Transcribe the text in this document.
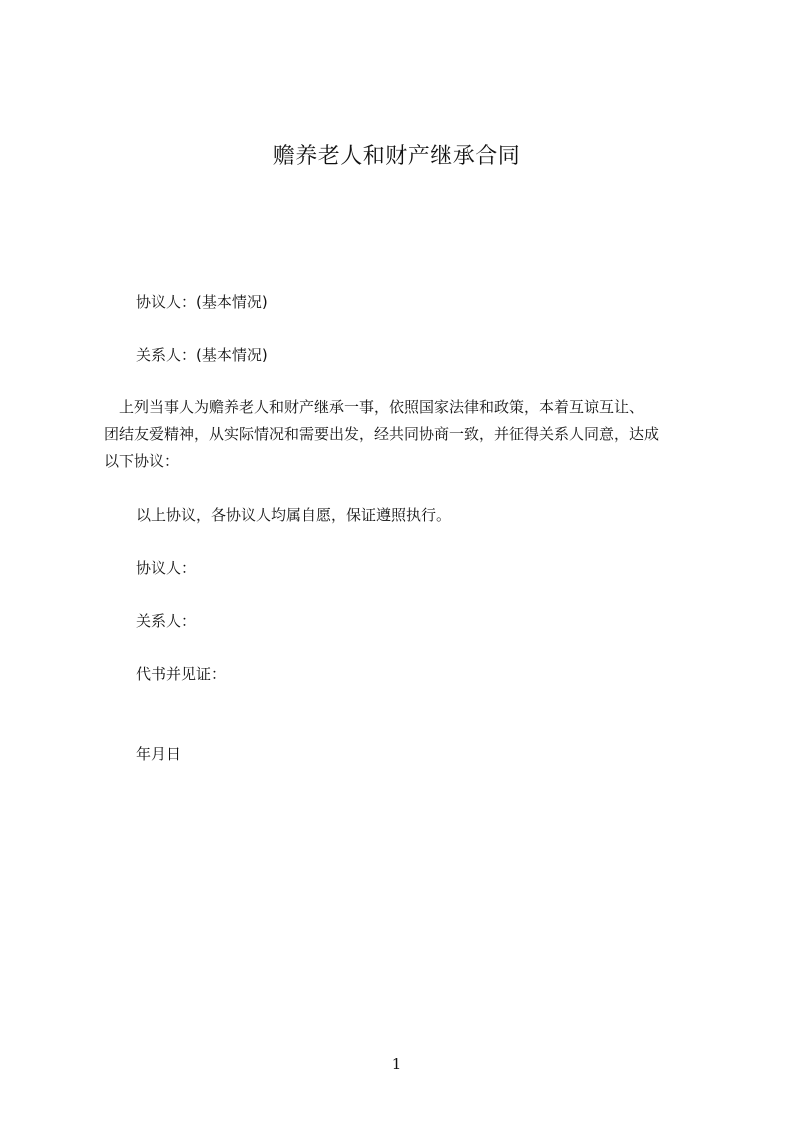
赡养老人和财产继承合同
协议人：(基本情况)
关系人：(基本情况)
　上列当事人为赡养老人和财产继承一事，依照国家法律和政策，本着互谅互让、
团结友爱精神，从实际情况和需要出发，经共同协商一致，并征得关系人同意，达成
以下协议：
以上协议，各协议人均属自愿，保证遵照执行。
协议人：
关系人：
代书并见证：
年月日
1
